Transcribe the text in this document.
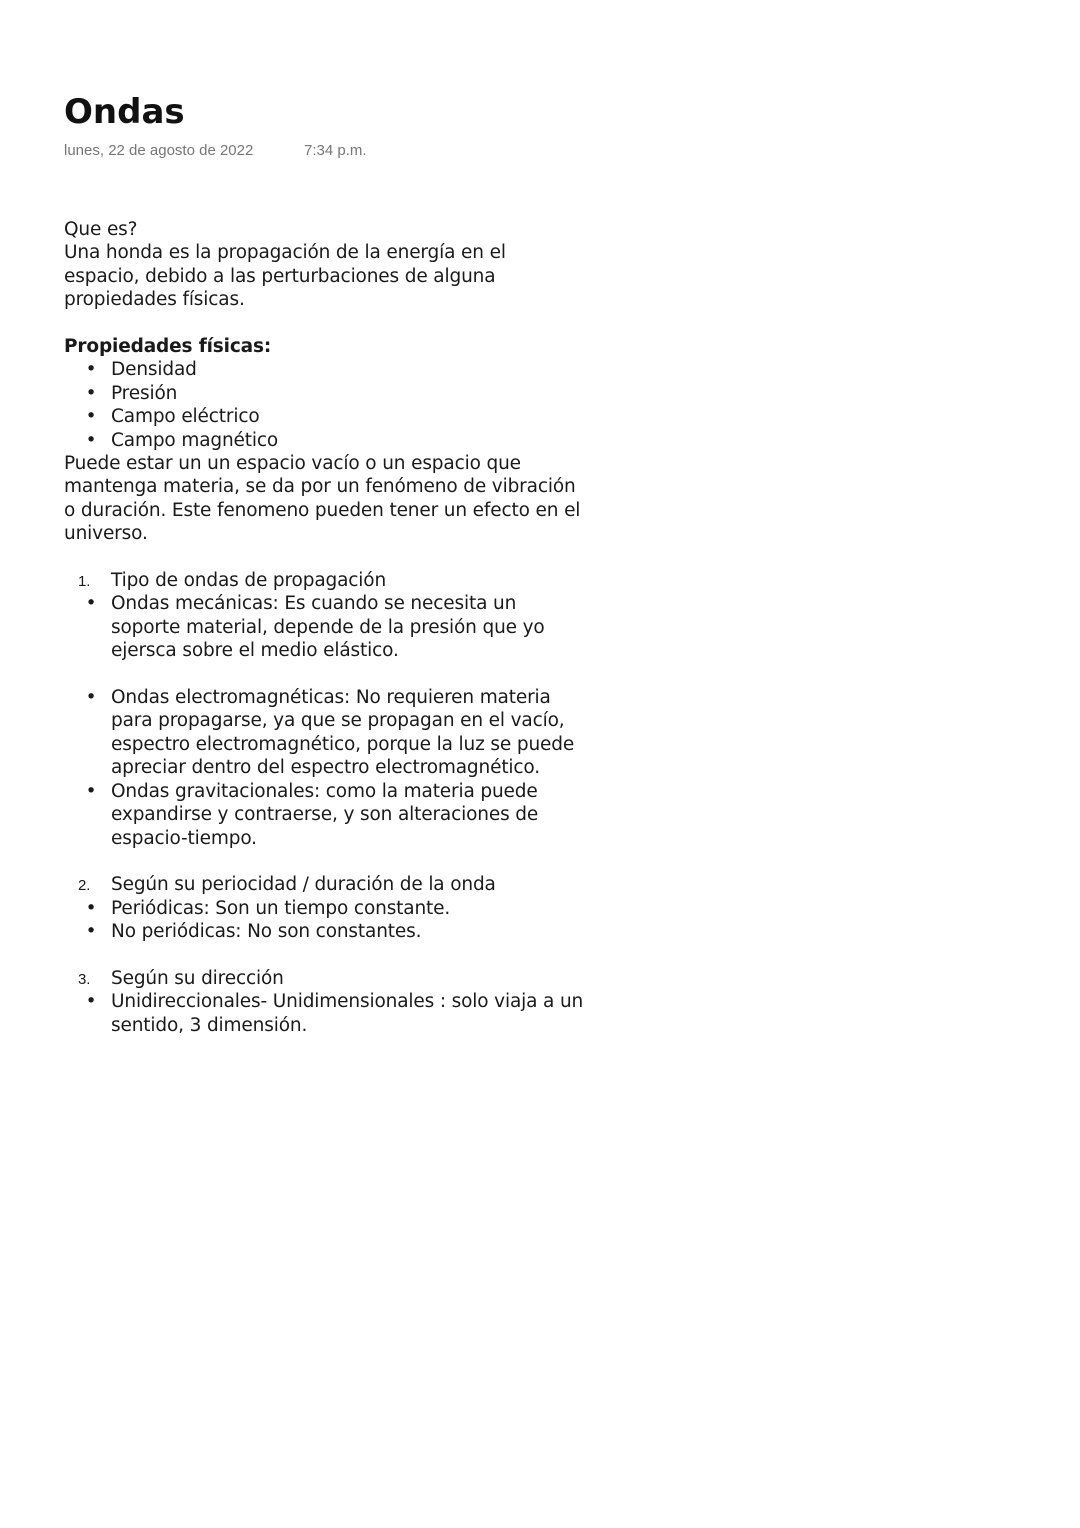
Ondas
lunes, 22 de agosto de 2022	7:34 p.m.

Que es?

Una honda es la propagación de la energía en el

espacio, debido a las perturbaciones de alguna

propiedades físicas.

Propiedades físicas:

• Densidad
• Presión
• Campo eléctrico
• Campo magnético

Puede estar un un espacio vacío o un espacio que

mantenga materia, se da por un fenómeno de vibración

o duración. Este fenomeno pueden tener un efecto en el

universo.

1. Tipo de ondas de propagación
• Ondas mecánicas: Es cuando se necesita un
soporte material, depende de la presión que yo
ejersca sobre el medio elástico.
• Ondas electromagnéticas: No requieren materia
para propagarse, ya que se propagan en el vacío,
espectro electromagnético, porque la luz se puede
apreciar dentro del espectro electromagnético.
• Ondas gravitacionales: como la materia puede
expandirse y contraerse, y son alteraciones de
espacio-tiempo.
2. Según su periocidad / duración de la onda
• Periódicas: Son un tiempo constante.
• No periódicas: No son constantes.
3. Según su dirección
• Unidireccionales- Unidimensionales : solo viaja a un
sentido, 3 dimensión.
